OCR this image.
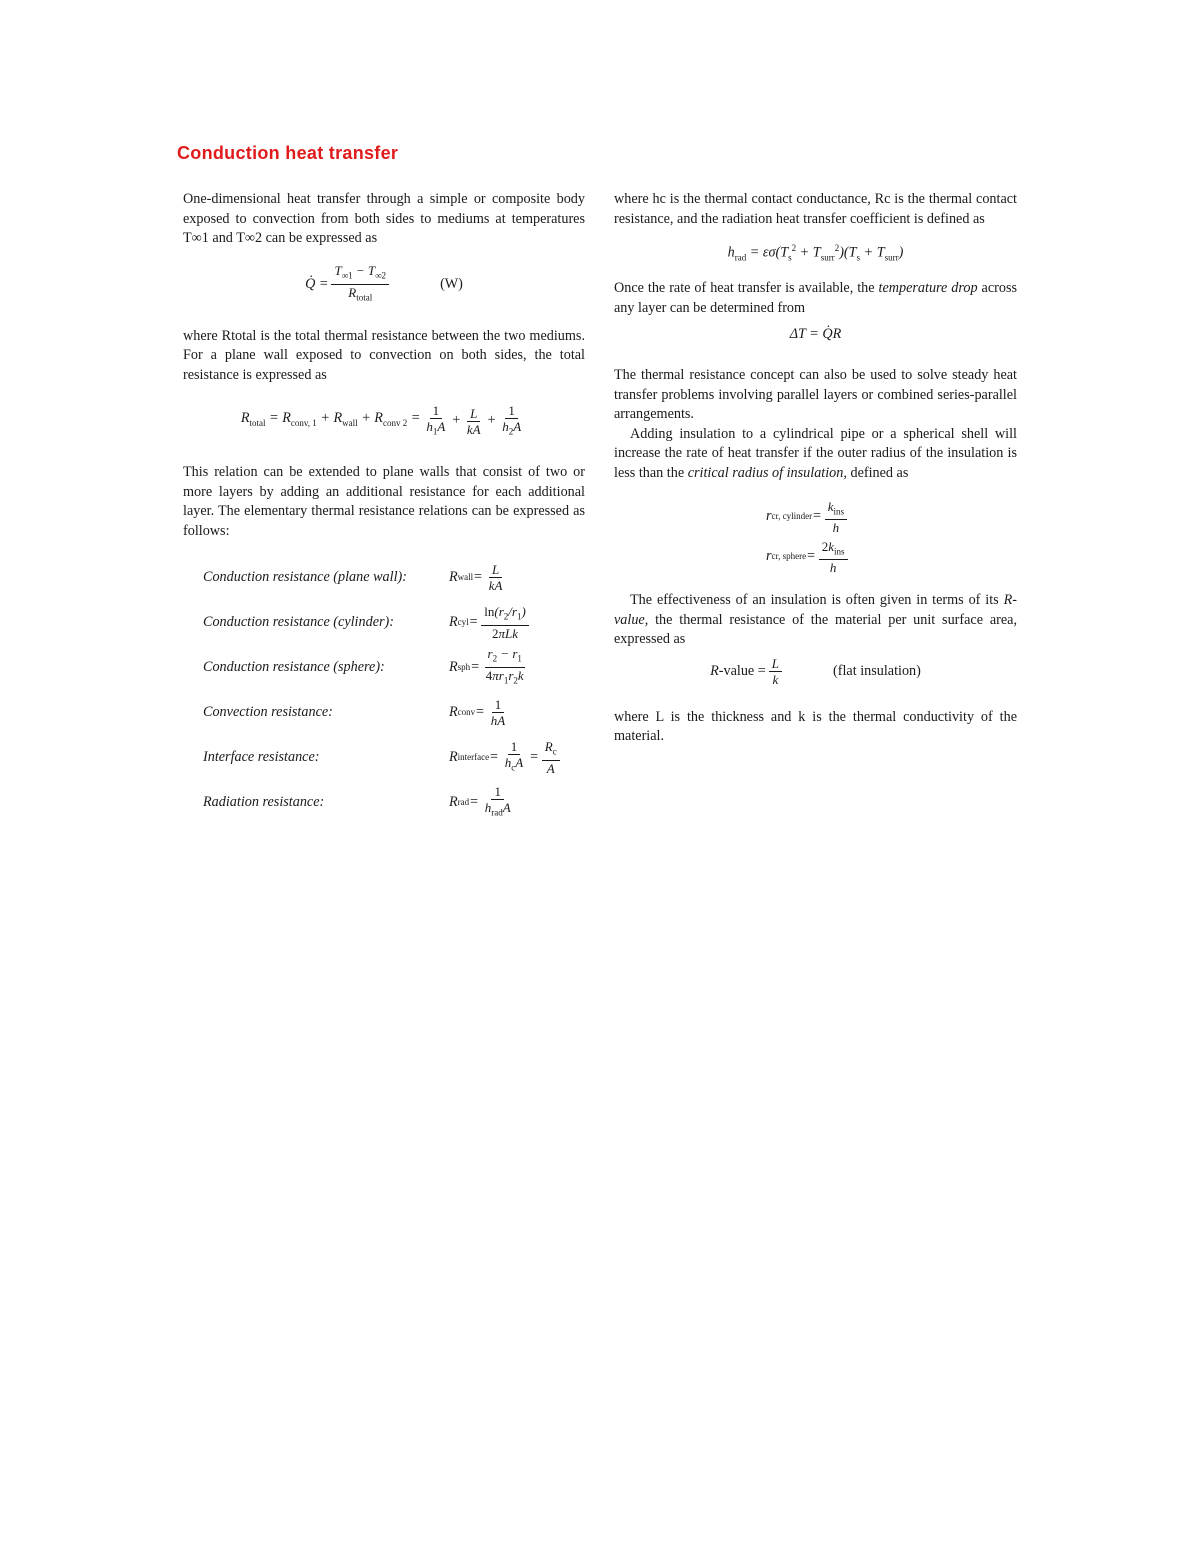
Conduction heat transfer

One-dimensional heat transfer through a simple or composite body exposed to convection from both sides to mediums at temperatures T∞1 and T∞2 can be expressed as

Q̇ = $\frac{T_{\infty 1} - T_{\infty 2}}{R_{total}}$	(W)

where Rtotal is the total thermal resistance between the two mediums. For a plane wall exposed to convection on both sides, the total resistance is expressed as

$R_{total} = R_{conv, 1} + R_{wall} + R_{conv 2} = \frac{1}{h_1A} + \frac{L}{kA} + \frac{1}{h_2A}$

This relation can be extended to plane walls that consist of two or more layers by adding an additional resistance for each additional layer. The elementary thermal resistance relations can be expressed as follows:

Conduction resistance (plane wall):	R wall = $\frac{L}{kA}$
Conduction resistance (cylinder):	R cyl = $\frac{\ln(r_2/r_1)}{\text{2πLk}}$
Conduction resistance (sphere):	R sph = $\frac{r_2 - r_1}{4\pi r_1r_2k}$
Convection resistance:	R conv = $\frac{1}{hA}$
Interface resistance:	R interface = $\frac{1}{h_cA} = \frac{R_c}{A}$
Radiation resistance:	R rad = $\frac{1}{h_{rad}A}$

where hc is the thermal contact conductance, Rc is the thermal contact resistance, and the radiation heat transfer coefficient is defined as

$h_{rad} = \varepsilon\sigma(T_s^2 + T_{surr}^2)(T_s + T_{surr})$

Once the rate of heat transfer is available, the temperature drop across any layer can be determined from

ΔT = Q̇R

The thermal resistance concept can also be used to solve steady heat transfer problems involving parallel layers or combined series-parallel arrangements.

Adding insulation to a cylindrical pipe or a spherical shell will increase the rate of heat transfer if the outer radius of the insulation is less than the critical radius of insulation, defined as

r cr, cylinder = $\frac{k_{ins}}{h}$
r cr, sphere = $\frac{2k_{ins}}{h}$

The effectiveness of an insulation is often given in terms of its R-value, the thermal resistance of the material per unit surface area, expressed as

R -value = $\frac{L}{k}$	(flat insulation)

where L is the thickness and k is the thermal conductivity of the material.
